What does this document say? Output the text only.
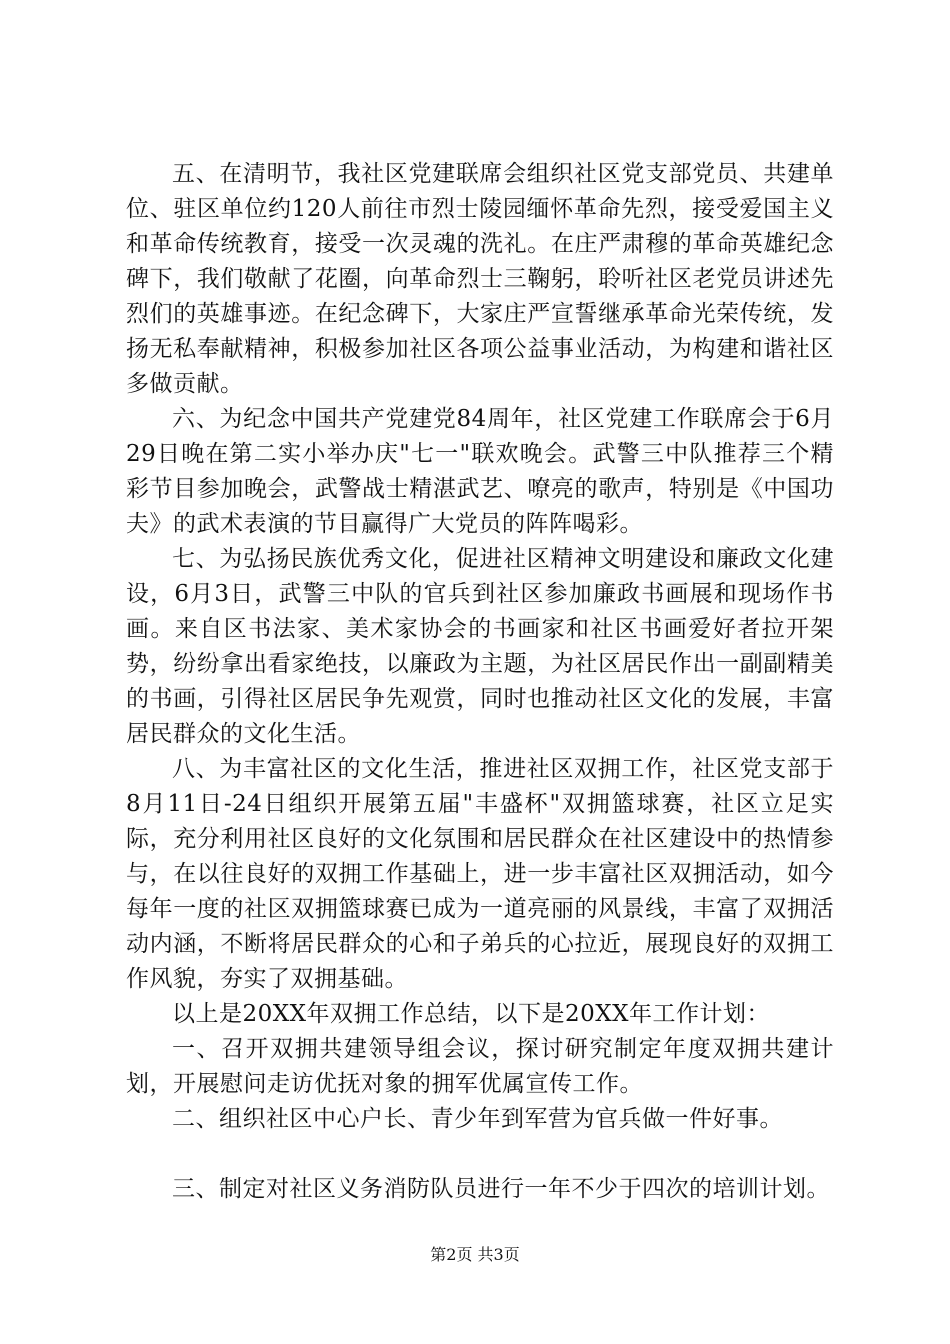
五、在清明节，我社区党建联席会组织社区党支部党员、共建单位、驻区单位约120人前往市烈士陵园缅怀革命先烈，接受爱国主义和革命传统教育，接受一次灵魂的洗礼。在庄严肃穆的革命英雄纪念碑下，我们敬献了花圈，向革命烈士三鞠躬，聆听社区老党员讲述先烈们的英雄事迹。在纪念碑下，大家庄严宣誓继承革命光荣传统，发扬无私奉献精神，积极参加社区各项公益事业活动，为构建和谐社区多做贡献。

六、为纪念中国共产党建党84周年，社区党建工作联席会于6月29日晚在第二实小举办庆"七一"联欢晚会。武警三中队推荐三个精彩节目参加晚会，武警战士精湛武艺、嘹亮的歌声，特别是《中国功夫》的武术表演的节目赢得广大党员的阵阵喝彩。

七、为弘扬民族优秀文化，促进社区精神文明建设和廉政文化建设，6月3日，武警三中队的官兵到社区参加廉政书画展和现场作书画。来自区书法家、美术家协会的书画家和社区书画爱好者拉开架势，纷纷拿出看家绝技，以廉政为主题，为社区居民作出一副副精美的书画，引得社区居民争先观赏，同时也推动社区文化的发展，丰富居民群众的文化生活。

八、为丰富社区的文化生活，推进社区双拥工作，社区党支部于8月11日-24日组织开展第五届"丰盛杯"双拥篮球赛，社区立足实际，充分利用社区良好的文化氛围和居民群众在社区建设中的热情参与，在以往良好的双拥工作基础上，进一步丰富社区双拥活动，如今每年一度的社区双拥篮球赛已成为一道亮丽的风景线，丰富了双拥活动内涵，不断将居民群众的心和子弟兵的心拉近，展现良好的双拥工作风貌，夯实了双拥基础。

以上是20XX年双拥工作总结，以下是20XX年工作计划：

一、召开双拥共建领导组会议，探讨研究制定年度双拥共建计划，开展慰问走访优抚对象的拥军优属宣传工作。

二、组织社区中心户长、青少年到军营为官兵做一件好事。

三、制定对社区义务消防队员进行一年不少于四次的培训计划。

第2页 共3页
